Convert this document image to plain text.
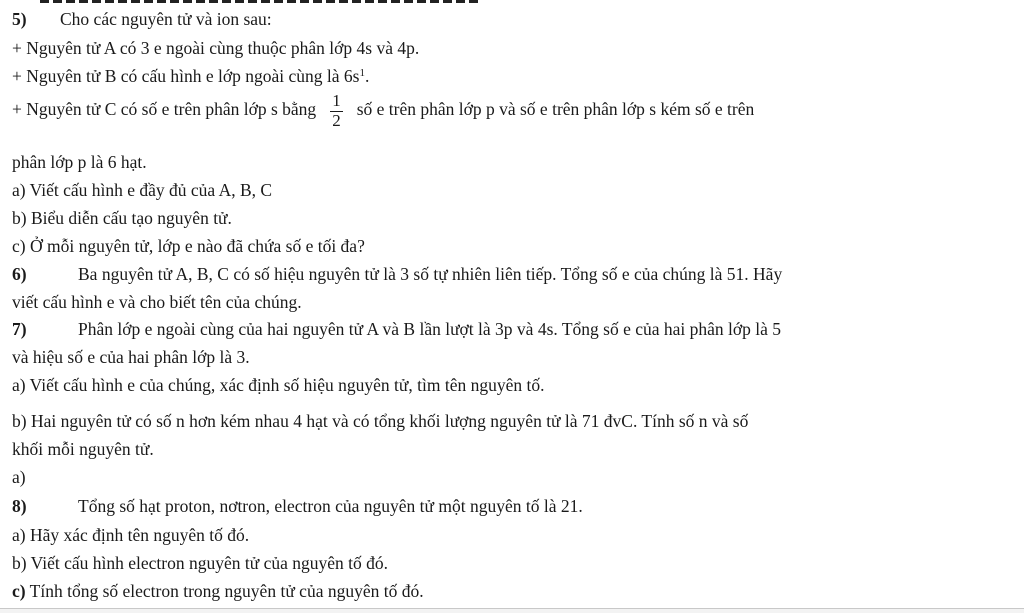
5) Cho các nguyên tử và ion sau:
+ Nguyên tử A có 3 e ngoài cùng thuộc phân lớp 4s và 4p.
+ Nguyên tử B có cấu hình e lớp ngoài cùng là $6s^1$.
+ Nguyên tử C có số e trên phân lớp s bằng $\frac{1}{2}$ số e trên phân lớp p và số e trên phân lớp s kém số e trên
phân lớp p là 6 hạt.
a) Viết cấu hình e đầy đủ của A, B, C
b) Biểu diễn cấu tạo nguyên tử.
c) Ở mỗi nguyên tử, lớp e nào đã chứa số e tối đa?
6)	Ba nguyên tử A, B, C có số hiệu nguyên tử là 3 số tự nhiên liên tiếp. Tổng số e của chúng là 51. Hãy
viết cấu hình e và cho biết tên của chúng.
7)	Phân lớp e ngoài cùng của hai nguyên tử A và B lần lượt là 3p và 4s. Tổng số e của hai phân lớp là 5
và hiệu số e của hai phân lớp là 3.
a) Viết cấu hình e của chúng, xác định số hiệu nguyên tử, tìm tên nguyên tố.
b) Hai nguyên tử có số n hơn kém nhau 4 hạt và có tổng khối lượng nguyên tử là 71 đvC. Tính số n và số
khối mỗi nguyên tử.
a)
8)	Tổng số hạt proton, nơtron, electron của nguyên tử một nguyên tố là 21.
a) Hãy xác định tên nguyên tố đó.
b) Viết cấu hình electron nguyên tử của nguyên tố đó.
c) Tính tổng số electron trong nguyên tử của nguyên tố đó.
